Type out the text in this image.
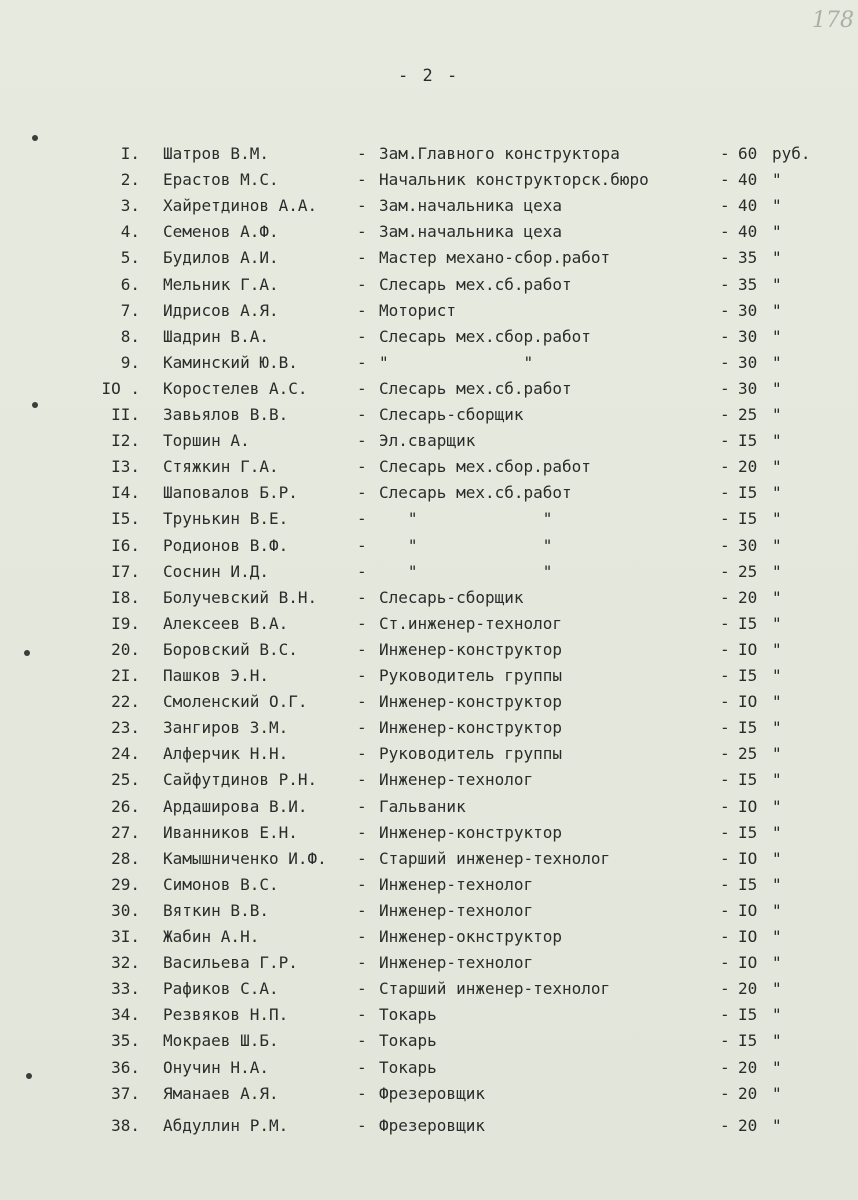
178
- 2 -
I. Шатров В.М.	- Зам.Главного конструктора	- 60 руб.
2. Ерастов М.С.	- Начальник конструкторск.бюро	- 40 "
3. Хайретдинов А.А. - Зам.начальника цеха	- 40 "
4. Семенов А.Ф.	- Зам.начальника цеха	- 40 "
5. Будилов А.И.	- Мастер механо-сбор.работ	- 35 "
6. Мельник Г.А.	- Слесарь мех.сб.работ	- 35 "
7. Идрисов А.Я.	- Моторист	- 30 "
8. Шадрин В.А.	- Слесарь мех.сбор.работ	- 30 "
9. Каминский Ю.В.	- "              "	- 30 "
IO . Коростелев А.С.	- Слесарь мех.сб.работ	- 30 "
II. Завьялов В.В.	- Слесарь-сборщик	- 25 "
I2. Торшин А.	- Эл.сварщик	- I5 "
I3. Стяжкин Г.А.	- Слесарь мех.сбор.работ	- 20 "
I4. Шаповалов Б.Р.	- Слесарь мех.сб.работ	- I5 "
I5. Трунькин В.Е.	- "             "	- I5 "
I6. Родионов В.Ф.	- "             "	- 30 "
I7. Соснин И.Д.	- "             "	- 25 "
I8. Болучевский В.Н. - Слесарь-сборщик	- 20 "
I9. Алексеев В.А.	- Ст.инженер-технолог	- I5 "
20. Боровский В.С.	- Инженер-конструктор	- IO "
2I. Пашков Э.Н.	- Руководитель группы	- I5 "
22. Смоленский О.Г.	- Инженер-конструктор	- IO "
23. Зангиров З.М.	- Инженер-конструктор	- I5 "
24. Алферчик Н.Н.	- Руководитель группы	- 25 "
25. Сайфутдинов Р.Н. - Инженер-технолог	- I5 "
26. Ардаширова В.И.	- Гальваник	- IO "
27. Иванников Е.Н.	- Инженер-конструктор	- I5 "
28. Камышниченко И.Ф. - Старший инженер-технолог	- IO "
29. Симонов В.С.	- Инженер-технолог	- I5 "
30. Вяткин В.В.	- Инженер-технолог	- IO "
3I. Жабин А.Н.	- Инженер-окнструктор	- IO "
32. Васильева Г.Р.	- Инженер-технолог	- IO "
33. Рафиков С.А.	- Старший инженер-технолог	- 20 "
34. Резвяков Н.П.	- Токарь	- I5 "
35. Мокраев Ш.Б.	- Токарь	- I5 "
36. Онучин Н.А.	- Токарь	- 20 "
37. Яманаев А.Я.	- Фрезеровщик	- 20 "
38. Абдуллин Р.М.	- Фрезеровщик	- 20 "
